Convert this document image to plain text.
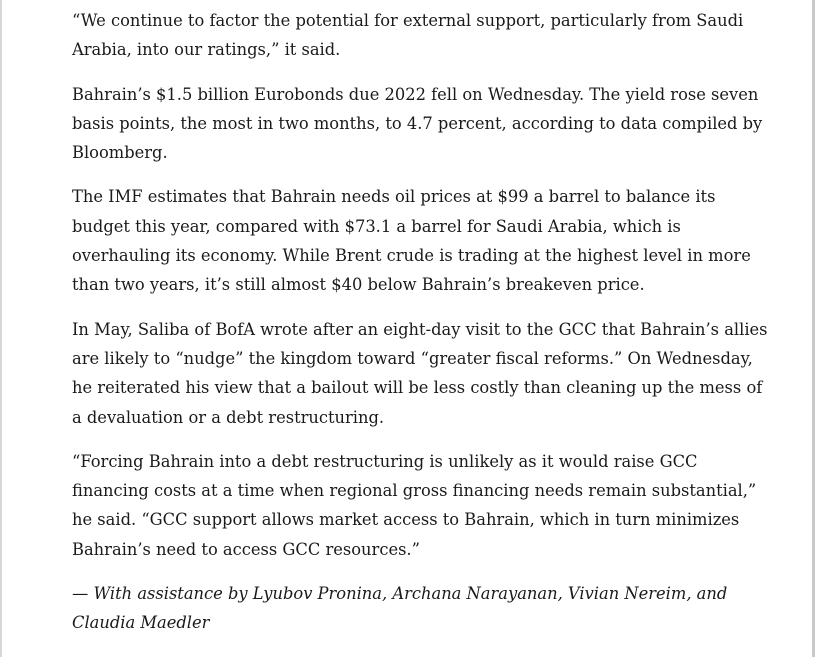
“We continue to factor the potential for external support, particularly from Saudi Arabia, into our ratings,” it said.

Bahrain’s $1.5 billion Eurobonds due 2022 fell on Wednesday. The yield rose seven basis points, the most in two months, to 4.7 percent, according to data compiled by Bloomberg.

The IMF estimates that Bahrain needs oil prices at $99 a barrel to balance its budget this year, compared with $73.1 a barrel for Saudi Arabia, which is overhauling its economy. While Brent crude is trading at the highest level in more than two years, it’s still almost $40 below Bahrain’s breakeven price.

In May, Saliba of BofA wrote after an eight-day visit to the GCC that Bahrain’s allies are likely to “nudge” the kingdom toward “greater fiscal reforms.” On Wednesday, he reiterated his view that a bailout will be less costly than cleaning up the mess of a devaluation or a debt restructuring.

“Forcing Bahrain into a debt restructuring is unlikely as it would raise GCC financing costs at a time when regional gross financing needs remain substantial,” he said. “GCC support allows market access to Bahrain, which in turn minimizes Bahrain’s need to access GCC resources.”

— With assistance by Lyubov Pronina, Archana Narayanan, Vivian Nereim, and Claudia Maedler
